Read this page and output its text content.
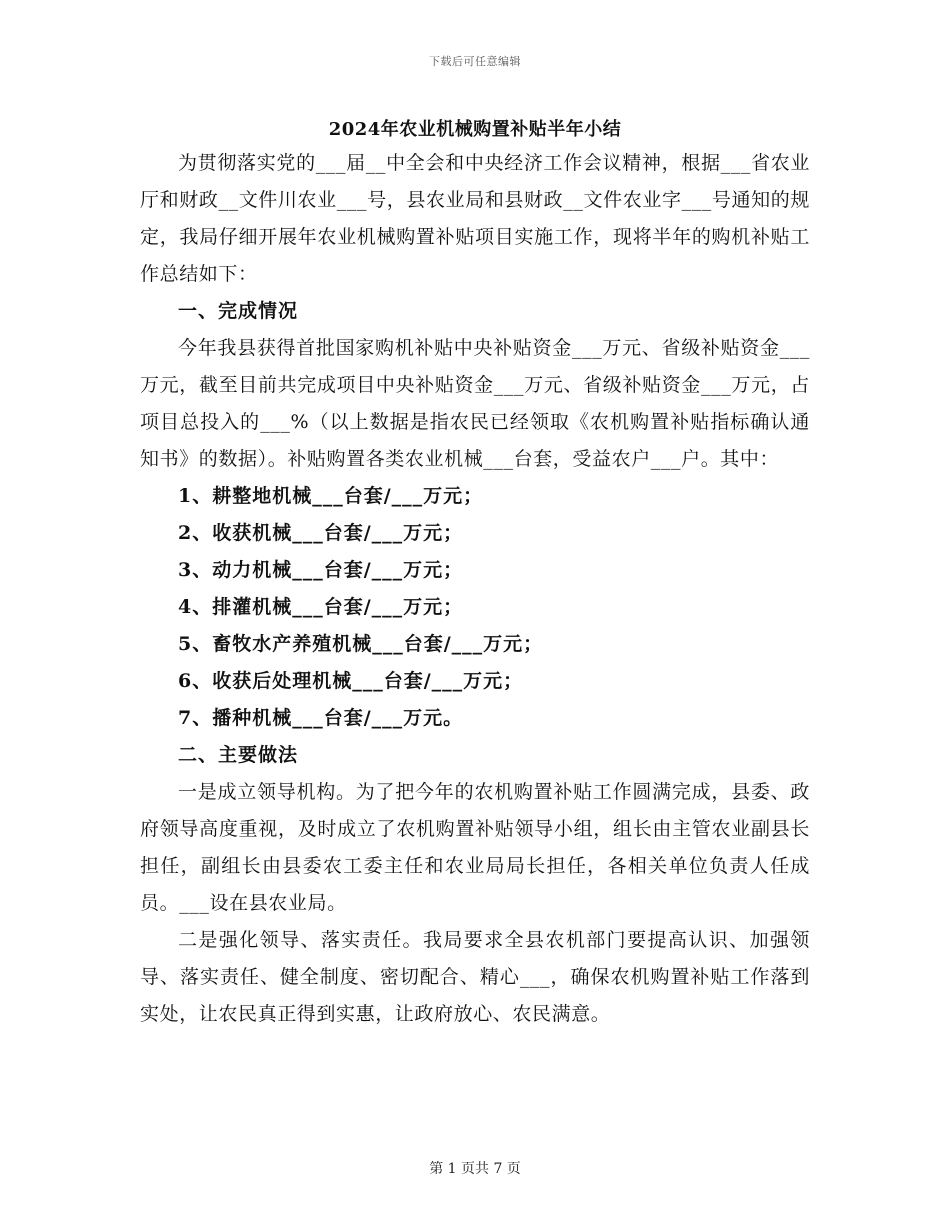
下载后可任意编辑
2024年农业机械购置补贴半年小结

为贯彻落实党的___届__中全会和中央经济工作会议精神，根据___省农业厅和财政__文件川农业___号，县农业局和县财政__文件农业字___号通知的规定，我局仔细开展年农业机械购置补贴项目实施工作，现将半年的购机补贴工作总结如下：

一、完成情况

今年我县获得首批国家购机补贴中央补贴资金___万元、省级补贴资金___万元，截至目前共完成项目中央补贴资金___万元、省级补贴资金___万元，占项目总投入的___%（以上数据是指农民已经领取《农机购置补贴指标确认通知书》的数据）。补贴购置各类农业机械___台套，受益农户___户。其中：

1、耕整地机械___台套/___万元；

2、收获机械___台套/___万元；

3、动力机械___台套/___万元；

4、排灌机械___台套/___万元；

5、畜牧水产养殖机械___台套/___万元；

6、收获后处理机械___台套/___万元；

7、播种机械___台套/___万元。

二、主要做法

一是成立领导机构。为了把今年的农机购置补贴工作圆满完成，县委、政府领导高度重视，及时成立了农机购置补贴领导小组，组长由主管农业副县长担任，副组长由县委农工委主任和农业局局长担任，各相关单位负责人任成员。___设在县农业局。

二是强化领导、落实责任。我局要求全县农机部门要提高认识、加强领导、落实责任、健全制度、密切配合、精心___，确保农机购置补贴工作落到实处，让农民真正得到实惠，让政府放心、农民满意。

第 1 页共 7 页
